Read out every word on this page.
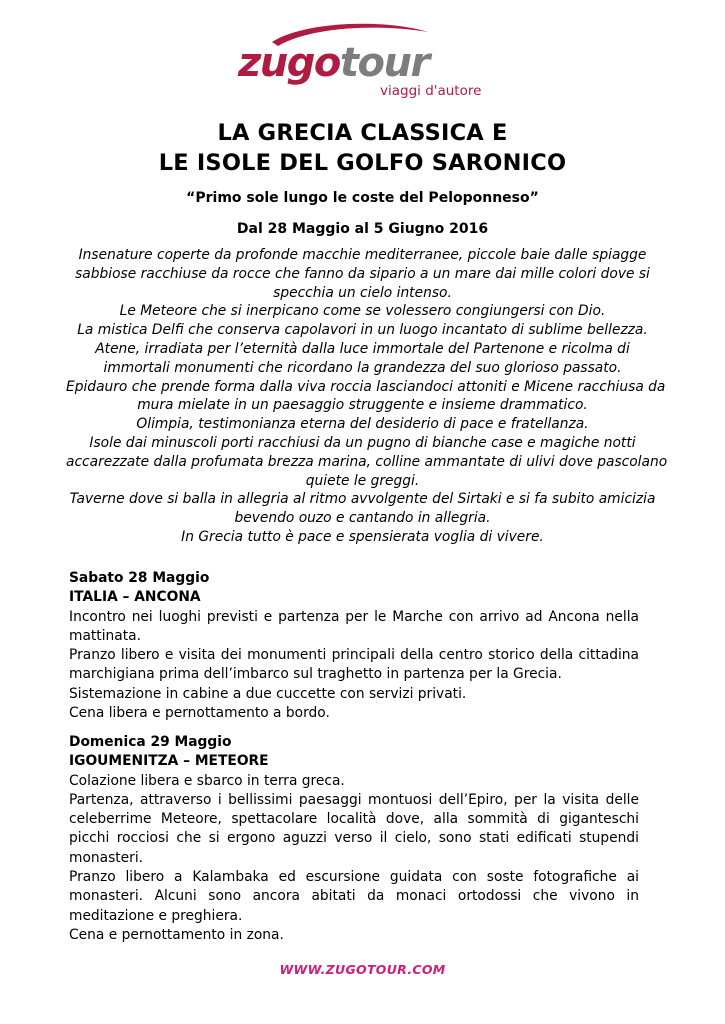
zugotour
viaggi d'autore
LA GRECIA CLASSICA E
LE ISOLE DEL GOLFO SARONICO
“Primo sole lungo le coste del Peloponneso”
Dal 28 Maggio al 5 Giugno 2016
Insenature coperte da profonde macchie mediterranee, piccole baie dalle spiagge
sabbiose racchiuse da rocce che fanno da sipario a un mare dai mille colori dove si
specchia un cielo intenso.
Le Meteore che si inerpicano come se volessero congiungersi con Dio.
La mistica Delfi che conserva capolavori in un luogo incantato di sublime bellezza.
Atene, irradiata per l’eternità dalla luce immortale del Partenone e ricolma di
immortali monumenti che ricordano la grandezza del suo glorioso passato.
Epidauro che prende forma dalla viva roccia lasciandoci attoniti e Micene racchiusa da
mura mielate in un paesaggio struggente e insieme drammatico.
Olimpia, testimonianza eterna del desiderio di pace e fratellanza.
Isole dai minuscoli porti racchiusi da un pugno di bianche case e magiche notti
accarezzate dalla profumata brezza marina, colline ammantate di ulivi dove pascolano
quiete le greggi.
Taverne dove si balla in allegria al ritmo avvolgente del Sirtaki e si fa subito amicizia
bevendo ouzo e cantando in allegria.
In Grecia tutto è pace e spensierata voglia di vivere.
Sabato 28 Maggio
ITALIA – ANCONA
Incontro nei luoghi previsti e partenza per le Marche con arrivo ad Ancona nella mattinata.
Pranzo libero e visita dei monumenti principali della centro storico della cittadina marchigiana prima dell’imbarco sul traghetto in partenza per la Grecia.
Sistemazione in cabine a due cuccette con servizi privati.
Cena libera e pernottamento a bordo.
Domenica 29 Maggio
IGOUMENITZA – METEORE
Colazione libera e sbarco in terra greca.
Partenza, attraverso i bellissimi paesaggi montuosi dell’Epiro, per la visita delle celeberrime Meteore, spettacolare località dove, alla sommità di giganteschi picchi rocciosi che si ergono aguzzi verso il cielo, sono stati edificati stupendi monasteri.
Pranzo libero a Kalambaka ed escursione guidata con soste fotografiche ai monasteri. Alcuni sono ancora abitati da monaci ortodossi che vivono in meditazione e preghiera.
Cena e pernottamento in zona.
WWW.ZUGOTOUR.COM
